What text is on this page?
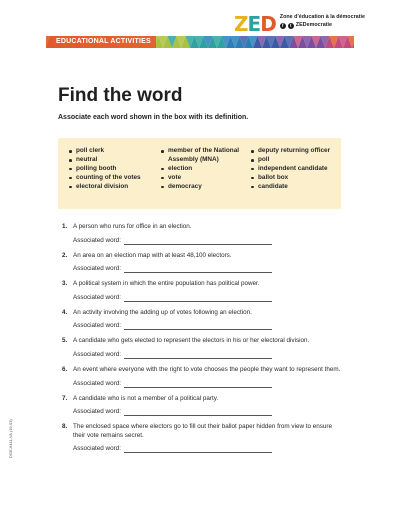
ZED Zone d'éducation à la démocratie
f	t ZEDemocratie
EDUCATIONAL ACTIVITIES
Find the word
Associate each word shown in the box with its definition.
poll clerk
neutral
polling booth
counting of the votes
electoral division
member of the National Assembly (MNA)
election
vote
democracy
deputy returning officer
poll
independent candidate
ballot box
candidate
1. A person who runs for office in an election.
Associated word:
2. An area on an election map with at least 48,100 electors.
Associated word:
3. A political system in which the entire population has political power.
Associated word:
4. An activity involving the adding up of votes following an election.
Associated word:
5. A candidate who gets elected to represent the electors in his or her electoral division.
Associated word:
6. An event where everyone with the right to vote chooses the people they want to represent them.
Associated word:
7. A candidate who is not a member of a political party.
Associated word:
8. The enclosed space where electors go to fill out their ballot paper hidden from view to ensure their vote remains secret.
Associated word:
DGE-6411-VA (19-03)
